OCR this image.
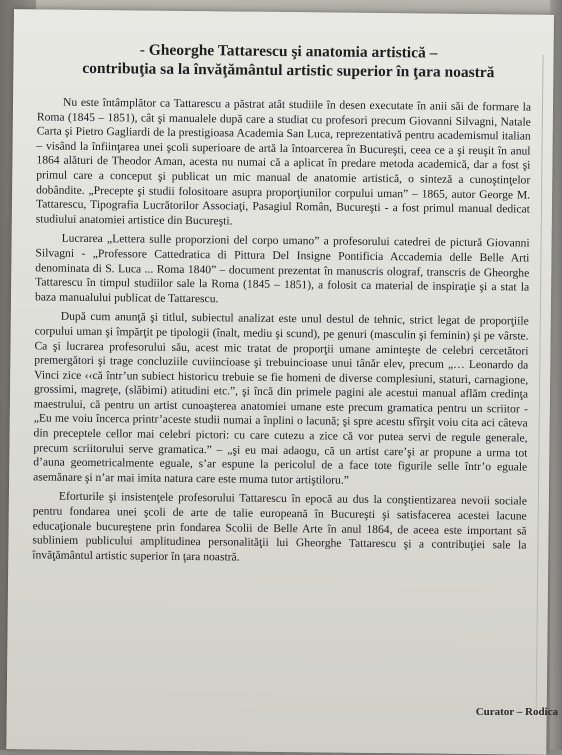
- Gheorghe Tattarescu şi anatomia artistică –
contribuţia sa la învăţământul artistic superior în ţara noastră

Nu este întâmplător ca Tattarescu a păstrat atât studiile în desen executate în anii săi de formare la Roma (1845 – 1851), cât şi manualele după care a studiat cu profesori precum Giovanni Silvagni, Natale Carta şi Pietro Gagliardi de la prestigioasa Academia San Luca, reprezentativă pentru academismul italian – visând la înfiinţarea unei şcoli superioare de artă la întoarcerea în Bucureşti, ceea ce a şi reuşit în anul 1864 alături de Theodor Aman, acesta nu numai că a aplicat în predare metoda academică, dar a fost şi primul care a conceput şi publicat un mic manual de anatomie artistică, o sinteză a cunoştinţelor dobândite. „Precepte şi studii folositoare asupra proporţiunilor corpului uman” – 1865, autor George M. Tattarescu, Tipografia Lucrătorilor Associaţi, Pasagiul Român, Bucureşti - a fost primul manual dedicat studiului anatomiei artistice din Bucureşti.

Lucrarea „Lettera sulle proporzioni del corpo umano” a profesorului catedrei de pictură Giovanni Silvagni - „Professore Cattedratica di Pittura Del Insigne Pontificia Accademia delle Belle Arti denominata di S. Luca ... Roma 1840” – document prezentat în manuscris olograf, transcris de Gheorghe Tattarescu în timpul studiilor sale la Roma (1845 – 1851), a folosit ca material de inspiraţie şi a stat la baza manualului publicat de Tattarescu.

După cum anunţă şi titlul, subiectul analizat este unul destul de tehnic, strict legat de proporţiile corpului uman şi împărţit pe tipologii (înalt, mediu şi scund), pe genuri (masculin şi feminin) şi pe vârste. Ca şi lucrarea profesorului său, acest mic tratat de proporţii umane aminteşte de celebri cercetători premergători şi trage concluziile cuviincioase şi trebuincioase unui tânăr elev, precum „… Leonardo da Vinci zice ‹‹că într’un subiect historicu trebuie se fie homeni de diverse complesiuni, staturi, carnagione, grossimi, magreţe, (slăbimi) atitudini etc.”, şi încă din primele pagini ale acestui manual aflăm credinţa maestrului, că pentru un artist cunoaşterea anatomiei umane este precum gramatica pentru un scriitor - „Eu me voiu încerca printr’aceste studii numai a înplini o lacună; şi spre acestu sfîrşit voiu cita aci câteva din preceptele cellor mai celebri pictori: cu care cutezu a zice că vor putea servi de regule generale, precum scriitorului serve gramatica.” – „şi eu mai adaogu, că un artist care’şi ar propune a urma tot d’auna geometricalmente eguale, s’ar espune la pericolul de a face tote figurile selle într’o eguale asemănare şi n’ar mai imita natura care este muma tutor artiştiloru.”

Eforturile şi insistenţele profesorului Tattarescu în epocă au dus la conştientizarea nevoii sociale pentru fondarea unei şcoli de arte de talie europeană în Bucureşti şi satisfacerea acestei lacune educaţionale bucureştene prin fondarea Scolii de Belle Arte în anul 1864, de aceea este important să subliniem publicului amplitudinea personalităţii lui Gheorghe Tattarescu şi a contribuţiei sale la învăţământul artistic superior în ţara noastră.

Curator – Rodica
